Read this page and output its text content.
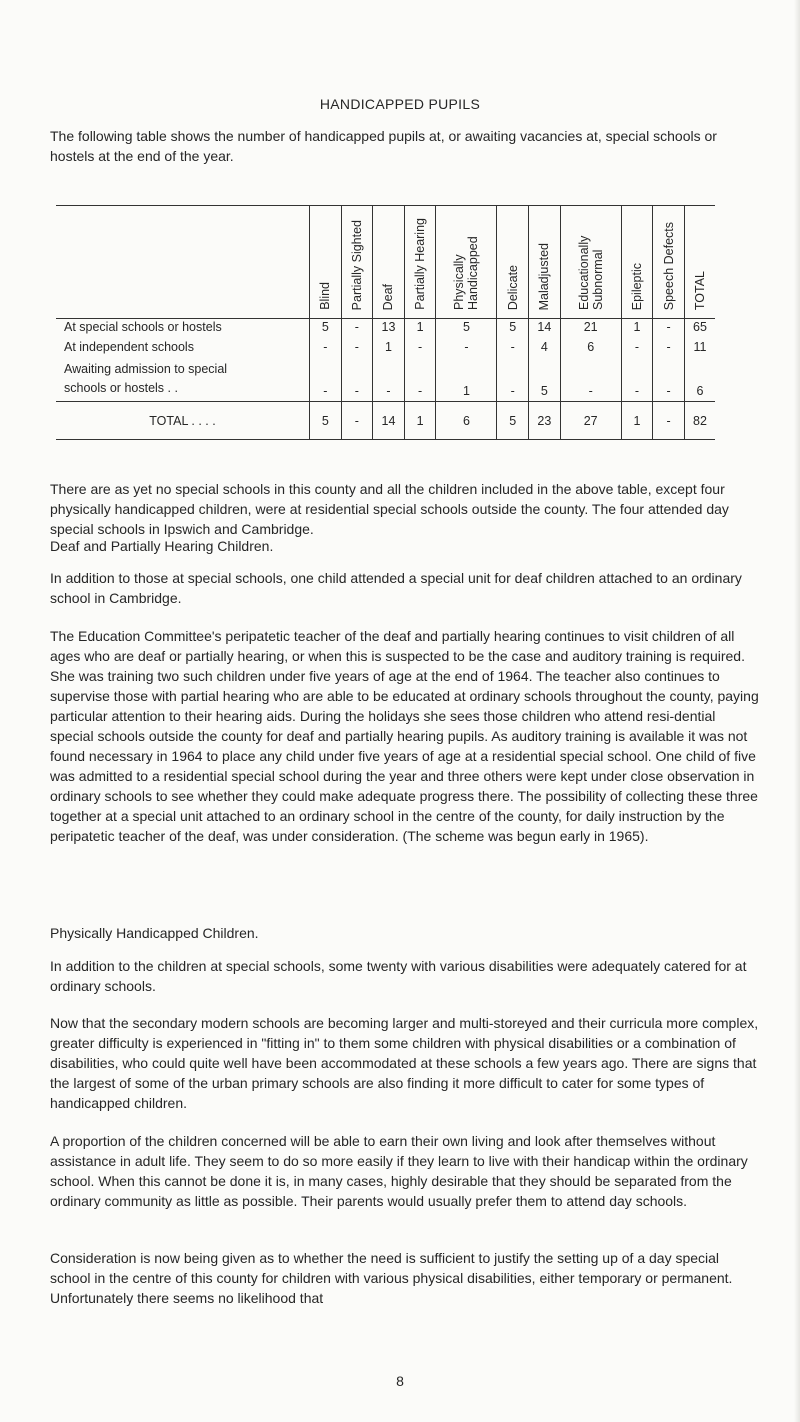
HANDICAPPED PUPILS

The following table shows the number of handicapped pupils at, or awaiting vacancies at, special schools or hostels at the end of the year.

	Blind	Partially Sighted	Deaf	Partially Hearing	Physically Handicapped	Delicate	Maladjusted	Educationally Subnormal	Epileptic	Speech Defects	TOTAL

At special schools or hostels	5	-	13	1	5	5	14	21	1	-	65
At independent schools	-	-	1	-	-	-	4	6	-	-	11

Awaiting admission to special
schools or hostels . .	-	-	-	-	1	-	5	-	-	-	6
TOTAL . . . .	5	-	14	1	6	5	23	27	1	-	82

There are as yet no special schools in this county and all the children included in the above table, except four physically handicapped children, were at residential special schools outside the county. The four attended day special schools in Ipswich and Cambridge.

Deaf and Partially Hearing Children.

In addition to those at special schools, one child attended a special unit for deaf children attached to an ordinary school in Cambridge.

The Education Committee's peripatetic teacher of the deaf and partially hearing continues to visit children of all ages who are deaf or partially hearing, or when this is suspected to be the case and auditory training is required. She was training two such children under five years of age at the end of 1964. The teacher also continues to supervise those with partial hearing who are able to be educated at ordinary schools throughout the county, paying particular attention to their hearing aids. During the holidays she sees those children who attend resi-dential special schools outside the county for deaf and partially hearing pupils. As auditory training is available it was not found necessary in 1964 to place any child under five years of age at a residential special school. One child of five was admitted to a residential special school during the year and three others were kept under close observation in ordinary schools to see whether they could make adequate progress there. The possibility of collecting these three together at a special unit attached to an ordinary school in the centre of the county, for daily instruction by the peripatetic teacher of the deaf, was under consideration. (The scheme was begun early in 1965).

Physically Handicapped Children.

In addition to the children at special schools, some twenty with various disabilities were adequately catered for at ordinary schools.

Now that the secondary modern schools are becoming larger and multi-storeyed and their curricula more complex, greater difficulty is experienced in "fitting in" to them some children with physical disabilities or a combination of disabilities, who could quite well have been accommodated at these schools a few years ago. There are signs that the largest of some of the urban primary schools are also finding it more difficult to cater for some types of handicapped children.

A proportion of the children concerned will be able to earn their own living and look after themselves without assistance in adult life. They seem to do so more easily if they learn to live with their handicap within the ordinary school. When this cannot be done it is, in many cases, highly desirable that they should be separated from the ordinary community as little as possible. Their parents would usually prefer them to attend day schools.

Consideration is now being given as to whether the need is sufficient to justify the setting up of a day special school in the centre of this county for children with various physical disabilities, either temporary or permanent. Unfortunately there seems no likelihood that

8
